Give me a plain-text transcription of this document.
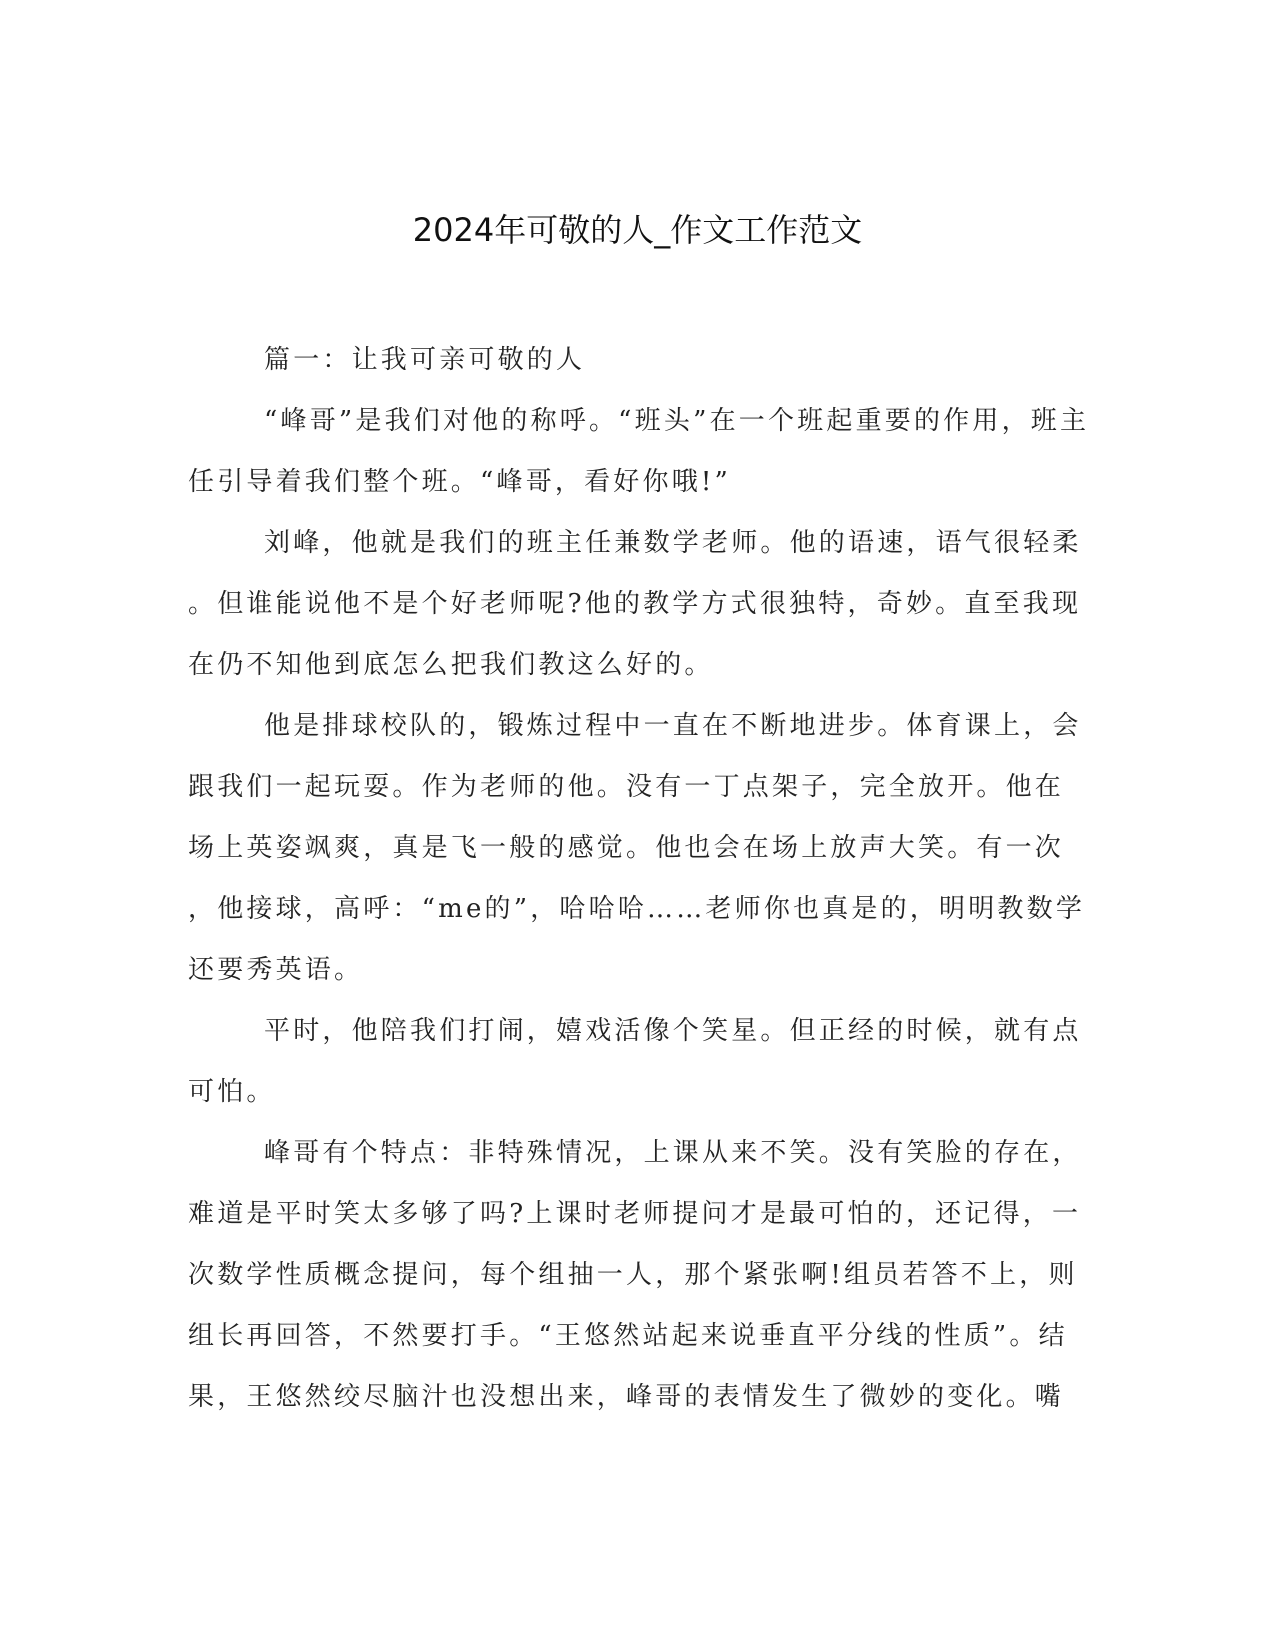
2024年可敬的人_作文工作范文
篇一：让我可亲可敬的人
“峰哥”是我们对他的称呼。“班头”在一个班起重要的作用，班主
任引导着我们整个班。“峰哥，看好你哦!”
刘峰，他就是我们的班主任兼数学老师。他的语速，语气很轻柔
。但谁能说他不是个好老师呢?他的教学方式很独特，奇妙。直至我现
在仍不知他到底怎么把我们教这么好的。
他是排球校队的，锻炼过程中一直在不断地进步。体育课上，会
跟我们一起玩耍。作为老师的他。没有一丁点架子，完全放开。他在
场上英姿飒爽，真是飞一般的感觉。他也会在场上放声大笑。有一次
，他接球，高呼：“me的”，哈哈哈……老师你也真是的，明明教数学
还要秀英语。
平时，他陪我们打闹，嬉戏活像个笑星。但正经的时候，就有点
可怕。
峰哥有个特点：非特殊情况，上课从来不笑。没有笑脸的存在，
难道是平时笑太多够了吗?上课时老师提问才是最可怕的，还记得，一
次数学性质概念提问，每个组抽一人，那个紧张啊!组员若答不上，则
组长再回答，不然要打手。“王悠然站起来说垂直平分线的性质”。结
果，王悠然绞尽脑汁也没想出来，峰哥的表情发生了微妙的变化。嘴
